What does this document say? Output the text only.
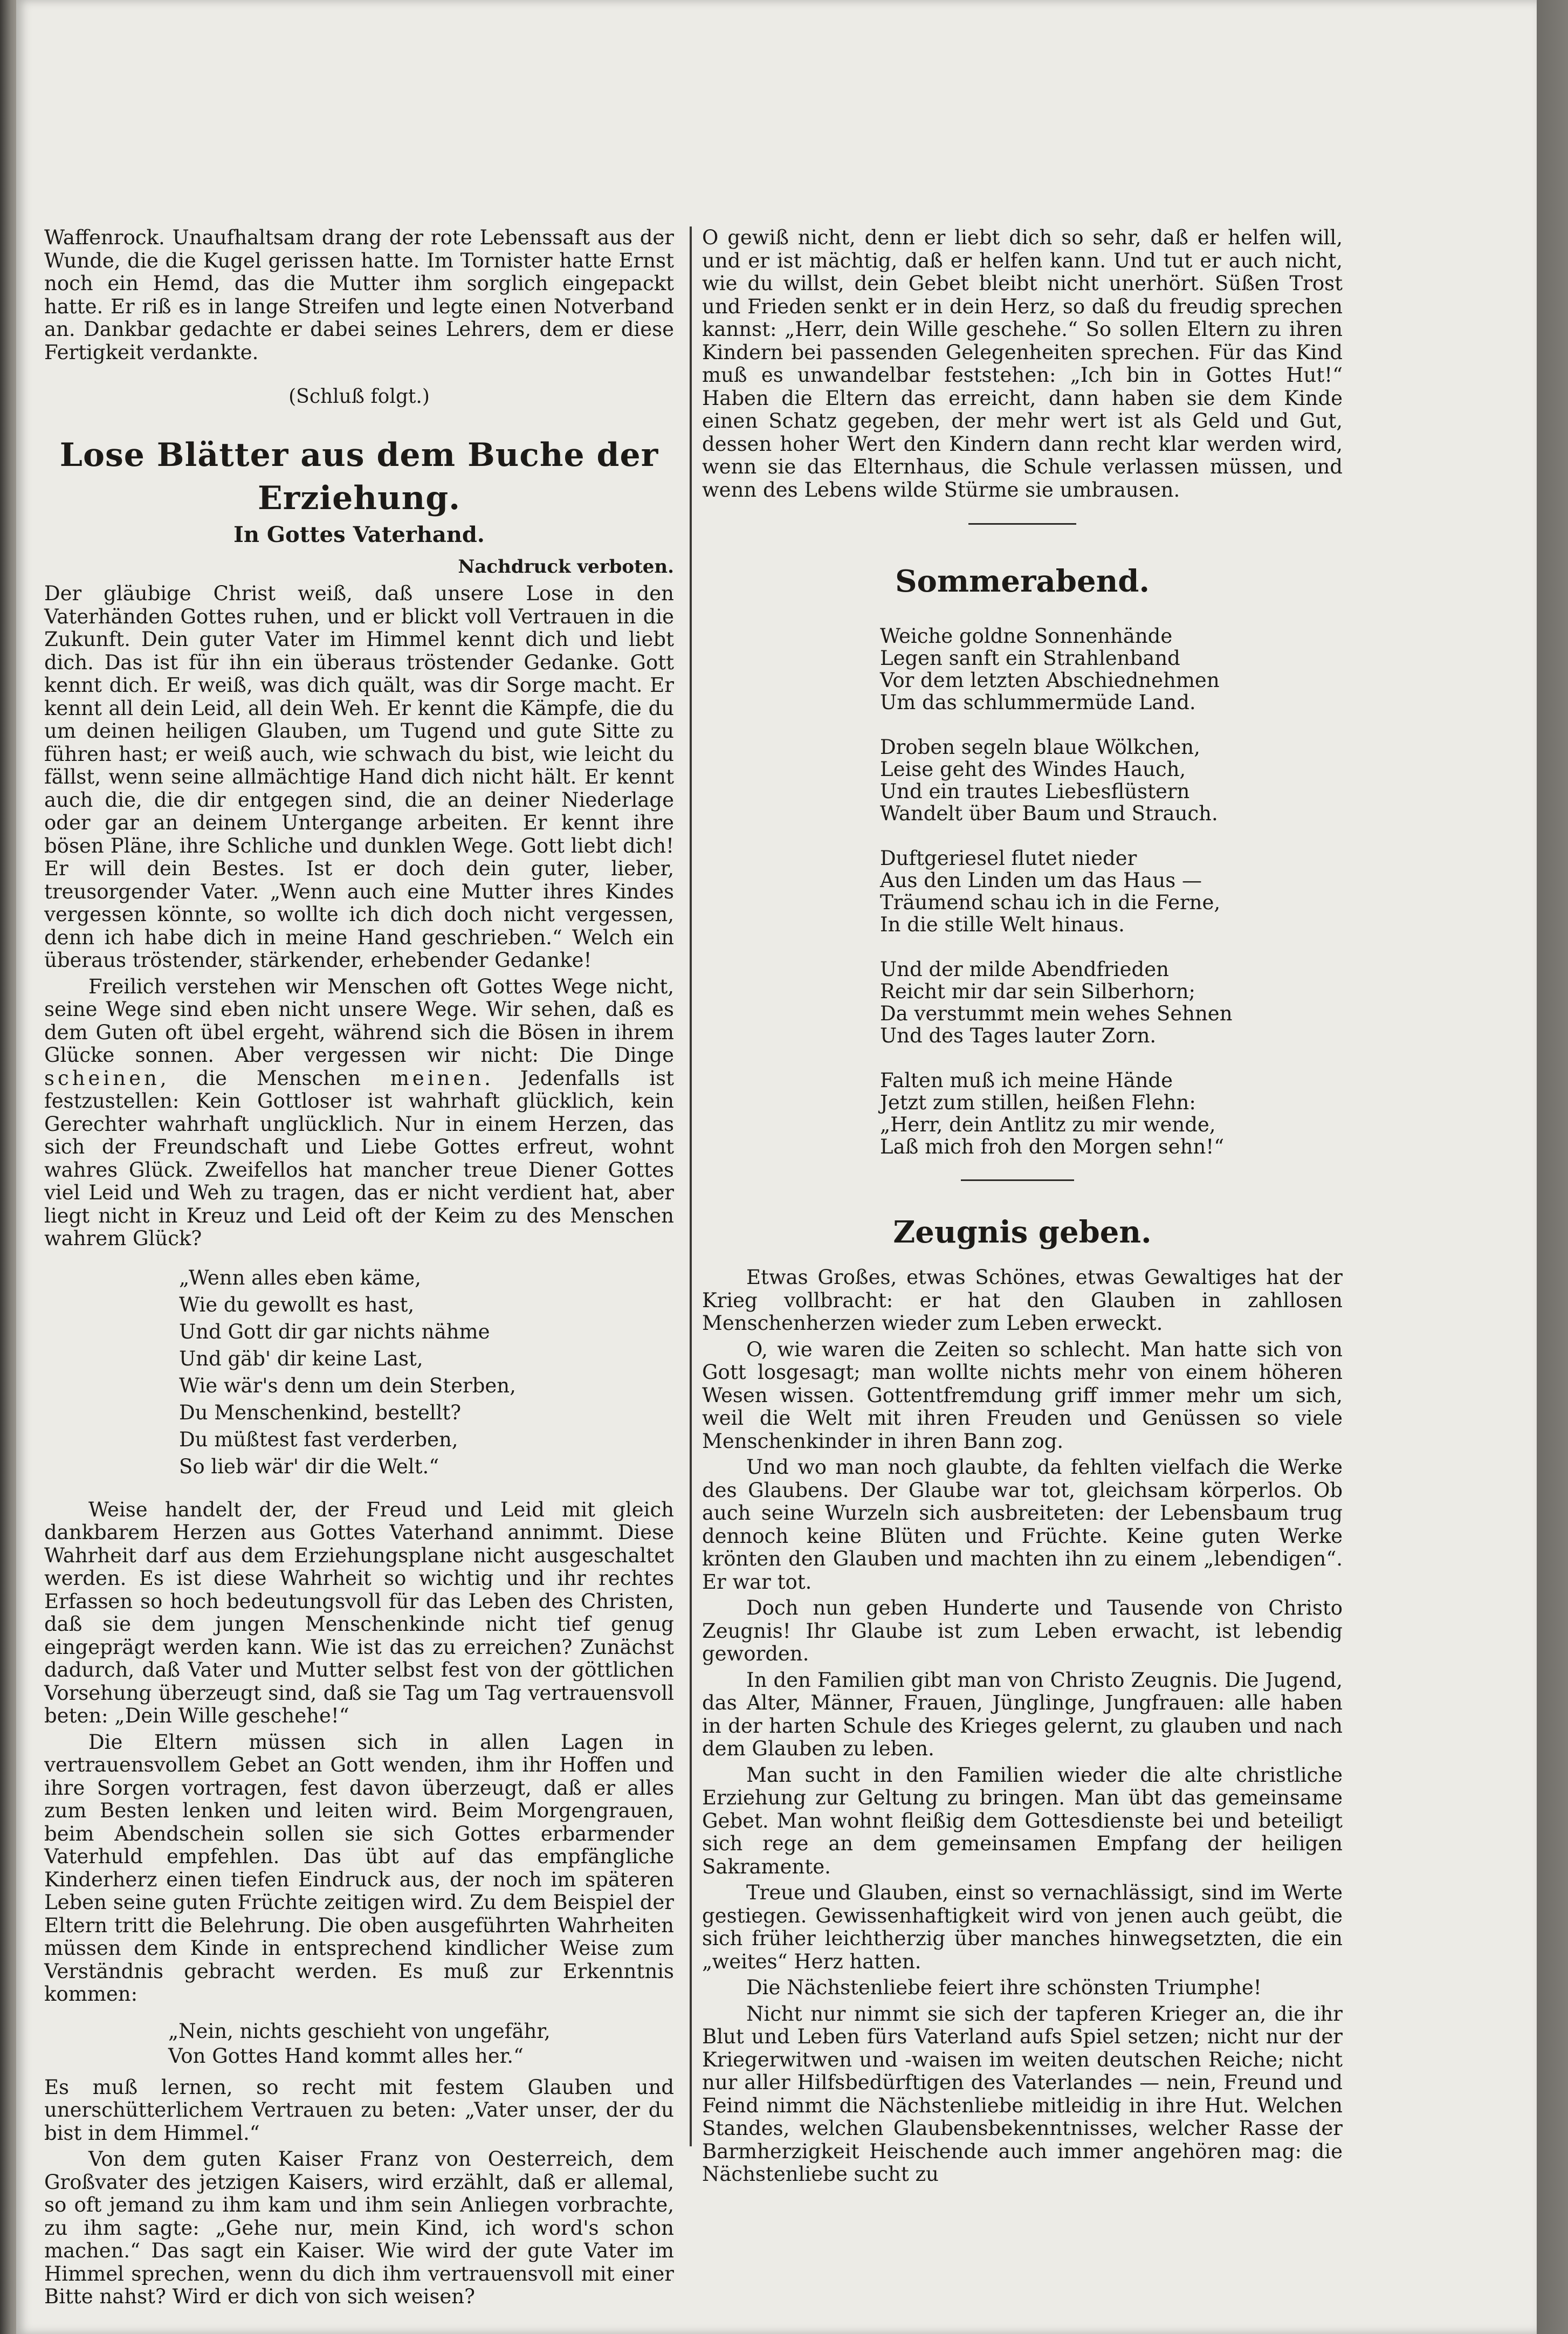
Waffenrock. Unaufhaltsam drang der rote Lebenssaft aus der Wunde, die die Kugel gerissen hatte. Im Tornister hatte Ernst noch ein Hemd, das die Mutter ihm sorglich eingepackt hatte. Er riß es in lange Streifen und legte einen Notverband an. Dankbar gedachte er dabei seines Lehrers, dem er diese Fertigkeit verdankte.

(Schluß folgt.)

Lose Blätter aus dem Buche der Erziehung.
In Gottes Vaterhand.

Nachdruck verboten.

Der gläubige Christ weiß, daß unsere Lose in den Vaterhänden Gottes ruhen, und er blickt voll Vertrauen in die Zukunft. Dein guter Vater im Himmel kennt dich und liebt dich. Das ist für ihn ein überaus tröstender Gedanke. Gott kennt dich. Er weiß, was dich quält, was dir Sorge macht. Er kennt all dein Leid, all dein Weh. Er kennt die Kämpfe, die du um deinen heiligen Glauben, um Tugend und gute Sitte zu führen hast; er weiß auch, wie schwach du bist, wie leicht du fällst, wenn seine allmächtige Hand dich nicht hält. Er kennt auch die, die dir entgegen sind, die an deiner Niederlage oder gar an deinem Untergange arbeiten. Er kennt ihre bösen Pläne, ihre Schliche und dunklen Wege. Gott liebt dich! Er will dein Bestes. Ist er doch dein guter, lieber, treusorgender Vater. „Wenn auch eine Mutter ihres Kindes vergessen könnte, so wollte ich dich doch nicht vergessen, denn ich habe dich in meine Hand geschrieben.“ Welch ein überaus tröstender, stärkender, erhebender Gedanke!

Freilich verstehen wir Menschen oft Gottes Wege nicht, seine Wege sind eben nicht unsere Wege. Wir sehen, daß es dem Guten oft übel ergeht, während sich die Bösen in ihrem Glücke sonnen. Aber vergessen wir nicht: Die Dinge scheinen, die Menschen meinen. Jedenfalls ist festzustellen: Kein Gottloser ist wahrhaft glücklich, kein Gerechter wahrhaft unglücklich. Nur in einem Herzen, das sich der Freundschaft und Liebe Gottes erfreut, wohnt wahres Glück. Zweifellos hat mancher treue Diener Gottes viel Leid und Weh zu tragen, das er nicht verdient hat, aber liegt nicht in Kreuz und Leid oft der Keim zu des Menschen wahrem Glück?

„Wenn alles eben käme,
Wie du gewollt es hast,
Und Gott dir gar nichts nähme
Und gäb' dir keine Last,
Wie wär's denn um dein Sterben,
Du Menschenkind, bestellt?
Du müßtest fast verderben,
So lieb wär' dir die Welt.“

Weise handelt der, der Freud und Leid mit gleich dankbarem Herzen aus Gottes Vaterhand annimmt. Diese Wahrheit darf aus dem Erziehungsplane nicht ausgeschaltet werden. Es ist diese Wahrheit so wichtig und ihr rechtes Erfassen so hoch bedeutungsvoll für das Leben des Christen, daß sie dem jungen Menschenkinde nicht tief genug eingeprägt werden kann. Wie ist das zu erreichen? Zunächst dadurch, daß Vater und Mutter selbst fest von der göttlichen Vorsehung überzeugt sind, daß sie Tag um Tag vertrauensvoll beten: „Dein Wille geschehe!“

Die Eltern müssen sich in allen Lagen in vertrauensvollem Gebet an Gott wenden, ihm ihr Hoffen und ihre Sorgen vortragen, fest davon überzeugt, daß er alles zum Besten lenken und leiten wird. Beim Morgengrauen, beim Abendschein sollen sie sich Gottes erbarmender Vaterhuld empfehlen. Das übt auf das empfängliche Kinderherz einen tiefen Eindruck aus, der noch im späteren Leben seine guten Früchte zeitigen wird. Zu dem Beispiel der Eltern tritt die Belehrung. Die oben ausgeführten Wahrheiten müssen dem Kinde in entsprechend kindlicher Weise zum Verständnis gebracht werden. Es muß zur Erkenntnis kommen:

„Nein, nichts geschieht von ungefähr,
Von Gottes Hand kommt alles her.“

Es muß lernen, so recht mit festem Glauben und unerschütterlichem Vertrauen zu beten: „Vater unser, der du bist in dem Himmel.“

Von dem guten Kaiser Franz von Oesterreich, dem Großvater des jetzigen Kaisers, wird erzählt, daß er allemal, so oft jemand zu ihm kam und ihm sein Anliegen vorbrachte, zu ihm sagte: „Gehe nur, mein Kind, ich word's schon machen.“ Das sagt ein Kaiser. Wie wird der gute Vater im Himmel sprechen, wenn du dich ihm vertrauensvoll mit einer Bitte nahst? Wird er dich von sich weisen?

O gewiß nicht, denn er liebt dich so sehr, daß er helfen will, und er ist mächtig, daß er helfen kann. Und tut er auch nicht, wie du willst, dein Gebet bleibt nicht unerhört. Süßen Trost und Frieden senkt er in dein Herz, so daß du freudig sprechen kannst: „Herr, dein Wille geschehe.“ So sollen Eltern zu ihren Kindern bei passenden Gelegenheiten sprechen. Für das Kind muß es unwandelbar feststehen: „Ich bin in Gottes Hut!“ Haben die Eltern das erreicht, dann haben sie dem Kinde einen Schatz gegeben, der mehr wert ist als Geld und Gut, dessen hoher Wert den Kindern dann recht klar werden wird, wenn sie das Elternhaus, die Schule verlassen müssen, und wenn des Lebens wilde Stürme sie umbrausen.

Sommerabend.
Weiche goldne Sonnenhände
Legen sanft ein Strahlenband
Vor dem letzten Abschiednehmen
Um das schlummermüde Land.
Droben segeln blaue Wölkchen,
Leise geht des Windes Hauch,
Und ein trautes Liebesflüstern
Wandelt über Baum und Strauch.
Duftgeriesel flutet nieder
Aus den Linden um das Haus —
Träumend schau ich in die Ferne,
In die stille Welt hinaus.
Und der milde Abendfrieden
Reicht mir dar sein Silberhorn;
Da verstummt mein wehes Sehnen
Und des Tages lauter Zorn.
Falten muß ich meine Hände
Jetzt zum stillen, heißen Flehn:
„Herr, dein Antlitz zu mir wende,
Laß mich froh den Morgen sehn!“
Zeugnis geben.

Etwas Großes, etwas Schönes, etwas Gewaltiges hat der Krieg vollbracht: er hat den Glauben in zahllosen Menschenherzen wieder zum Leben erweckt.

O, wie waren die Zeiten so schlecht. Man hatte sich von Gott losgesagt; man wollte nichts mehr von einem höheren Wesen wissen. Gottentfremdung griff immer mehr um sich, weil die Welt mit ihren Freuden und Genüssen so viele Menschenkinder in ihren Bann zog.

Und wo man noch glaubte, da fehlten vielfach die Werke des Glaubens. Der Glaube war tot, gleichsam körperlos. Ob auch seine Wurzeln sich ausbreiteten: der Lebensbaum trug dennoch keine Blüten und Früchte. Keine guten Werke krönten den Glauben und machten ihn zu einem „lebendigen“. Er war tot.

Doch nun geben Hunderte und Tausende von Christo Zeugnis! Ihr Glaube ist zum Leben erwacht, ist lebendig geworden.

In den Familien gibt man von Christo Zeugnis. Die Jugend, das Alter, Männer, Frauen, Jünglinge, Jungfrauen: alle haben in der harten Schule des Krieges gelernt, zu glauben und nach dem Glauben zu leben.

Man sucht in den Familien wieder die alte christliche Erziehung zur Geltung zu bringen. Man übt das gemeinsame Gebet. Man wohnt fleißig dem Gottesdienste bei und beteiligt sich rege an dem gemeinsamen Empfang der heiligen Sakramente.

Treue und Glauben, einst so vernachlässigt, sind im Werte gestiegen. Gewissenhaftigkeit wird von jenen auch geübt, die sich früher leichtherzig über manches hinwegsetzten, die ein „weites“ Herz hatten.

Die Nächstenliebe feiert ihre schönsten Triumphe!

Nicht nur nimmt sie sich der tapferen Krieger an, die ihr Blut und Leben fürs Vaterland aufs Spiel setzen; nicht nur der Kriegerwitwen und -waisen im weiten deutschen Reiche; nicht nur aller Hilfsbedürftigen des Vaterlandes — nein, Freund und Feind nimmt die Nächstenliebe mitleidig in ihre Hut. Welchen Standes, welchen Glaubensbekenntnisses, welcher Rasse der Barmherzigkeit Heischende auch immer angehören mag: die Nächstenliebe sucht zu
